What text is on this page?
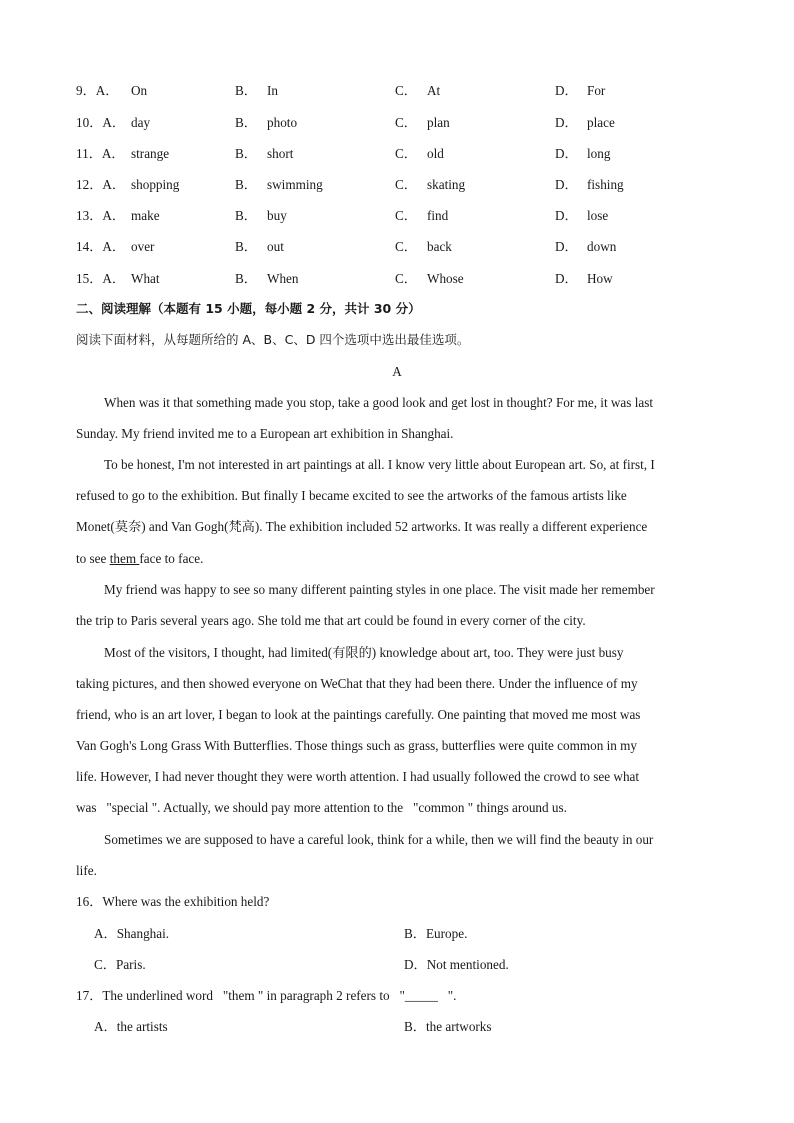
9．A． On	B． In	C． At	D． For
10．A． day	B． photo	C． plan	D． place
11．A． strange	B． short	C． old	D． long
12．A． shopping	B． swimming	C． skating	D． fishing
13．A． make	B． buy	C． find	D． lose
14．A． over	B． out	C． back	D． down
15．A． What	B． When	C． Whose	D． How
二、阅读理解（本题有 15 小题，每小题 2 分，共计 30 分）
阅读下面材料，从每题所给的 A、B、C、D 四个选项中选出最佳选项。
A
When was it that something made you stop, take a good look and get lost in thought? For me, it was last
Sunday. My friend invited me to a European art exhibition in Shanghai.
To be honest, I'm not interested in art paintings at all. I know very little about European art. So, at first, I
refused to go to the exhibition. But finally I became excited to see the artworks of the famous artists like
Monet(莫奈) and Van Gogh(梵高). The exhibition included 52 artworks. It was really a different experience
to see them face to face.
My friend was happy to see so many different painting styles in one place. The visit made her remember
the trip to Paris several years ago. She told me that art could be found in every corner of the city.
Most of the visitors, I thought, had limited(有限的) knowledge about art, too. They were just busy
taking pictures, and then showed everyone on WeChat that they had been there. Under the influence of my
friend, who is an art lover, I began to look at the paintings carefully. One painting that moved me most was
Van Gogh's Long Grass With Butterflies. Those things such as grass, butterflies were quite common in my
life. However, I had never thought they were worth attention. I had usually followed the crowd to see what
was   "special ". Actually, we should pay more attention to the   "common " things around us.
Sometimes we are supposed to have a careful look, think for a while, then we will find the beauty in our
life.
16．Where was the exhibition held?
A．Shanghai.	B．Europe.
C．Paris.	D．Not mentioned.
17．The underlined word   "them " in paragraph 2 refers to   "_____   ".
A．the artists	B．the artworks
